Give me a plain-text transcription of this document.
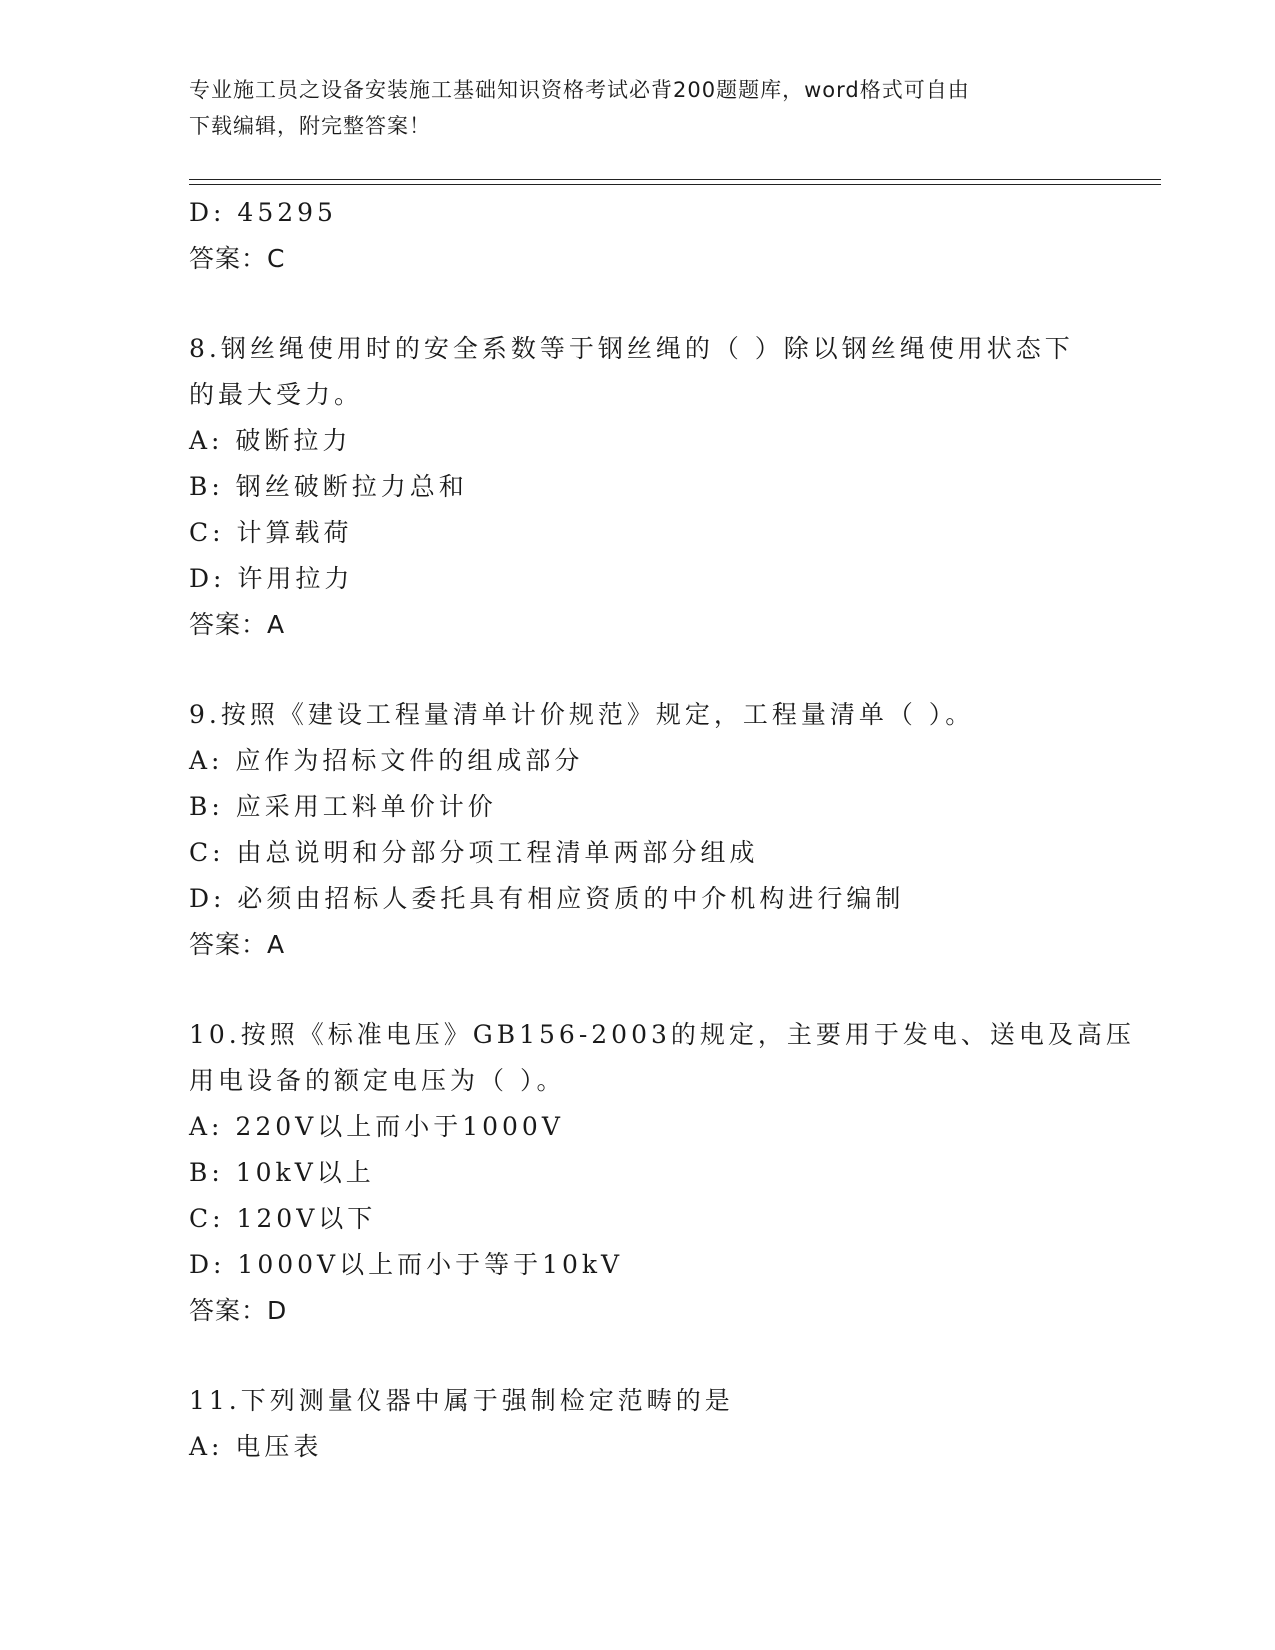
专业施工员之设备安装施工基础知识资格考试必背200题题库，word格式可自由
下载编辑，附完整答案！
D: 45295
答案：C
8.钢丝绳使用时的安全系数等于钢丝绳的（ ）除以钢丝绳使用状态下
的最大受力。
A: 破断拉力
B: 钢丝破断拉力总和
C: 计算载荷
D: 许用拉力
答案：A
9.按照《建设工程量清单计价规范》规定，工程量清单（ ）。
A: 应作为招标文件的组成部分
B: 应采用工料单价计价
C: 由总说明和分部分项工程清单两部分组成
D: 必须由招标人委托具有相应资质的中介机构进行编制
答案：A
10.按照《标准电压》GB156-2003的规定，主要用于发电、送电及高压
用电设备的额定电压为（ ）。
A: 220V以上而小于1000V
B: 10kV以上
C: 120V以下
D: 1000V以上而小于等于10kV
答案：D
11.下列测量仪器中属于强制检定范畴的是
A: 电压表
